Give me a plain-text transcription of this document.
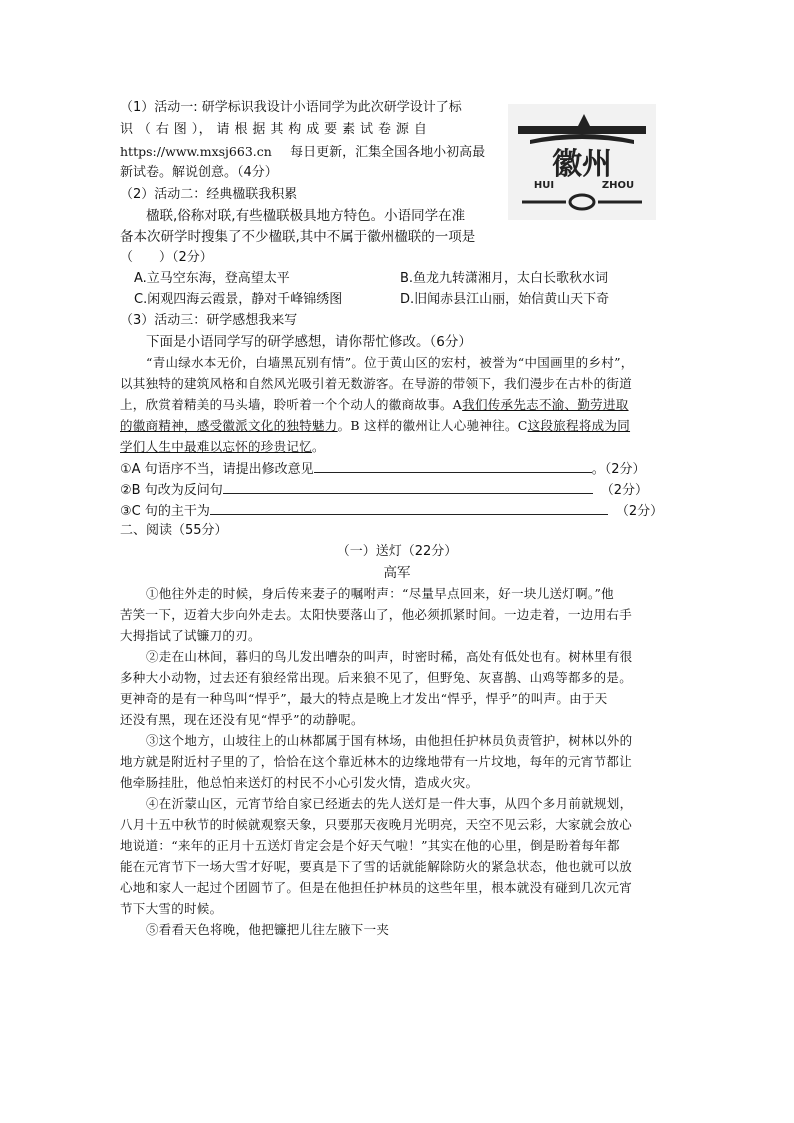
（1）活动一: 研学标识我设计小语同学为此次研学设计了标
识 （ 右 图 ）， 请 根 据 其 构 成 要 素 试 卷 源 自
https://www.mxsj663.cn 每日更新，汇集全国各地小初高最
新试卷。解说创意。（4分）	徽州
HUI	ZHOU
（2）活动二：经典楹联我积累
楹联,俗称对联,有些楹联极具地方特色。小语同学在准
备本次研学时搜集了不少楹联,其中不属于徽州楹联的一项是
（　　）（2分）
A.立马空东海，登高望太平	B.鱼龙九转潇湘月，太白长歌秋水词
C.闲观四海云霞景，静对千峰锦绣图	D.旧闻赤县江山丽，始信黄山天下奇
（3）活动三：研学感想我来写
下面是小语同学写的研学感想，请你帮忙修改。（6分）
“青山绿水本无价，白墙黑瓦别有情”。位于黄山区的宏村，被誉为“中国画里的乡村”，
以其独特的建筑风格和自然风光吸引着无数游客。在导游的带领下，我们漫步在古朴的街道
上，欣赏着精美的马头墙，聆听着一个个动人的徽商故事。A我们传承先志不渝、勤劳进取
的徽商精神，感受徽派文化的独特魅力。B 这样的徽州让人心驰神往。C这段旅程将成为同
学们人生中最难以忘怀的珍贵记忆。
①A 句语序不当，请提出修改意见	。（2分）
②B 句改为反问句	（2分）
③C 句的主干为	（2分）
二、阅读（55分）
（一）送灯（22分）
高军
①他往外走的时候，身后传来妻子的嘱咐声：“尽量早点回来，好一块儿送灯啊。”他
苦笑一下，迈着大步向外走去。太阳快要落山了，他必须抓紧时间。一边走着，一边用右手
大拇指试了试镰刀的刃。
②走在山林间，暮归的鸟儿发出嘈杂的叫声，时密时稀，高处有低处也有。树林里有很
多种大小动物，过去还有狼经常出现。后来狼不见了，但野兔、灰喜鹊、山鸡等都多的是。
更神奇的是有一种鸟叫“悍乎”，最大的特点是晚上才发出“悍乎，悍乎”的叫声。由于天
还没有黑，现在还没有见“悍乎”的动静呢。
③这个地方，山坡往上的山林都属于国有林场，由他担任护林员负责管护，树林以外的
地方就是附近村子里的了，恰恰在这个靠近林木的边缘地带有一片坟地，每年的元宵节都让
他牵肠挂肚，他总怕来送灯的村民不小心引发火情，造成火灾。
④在沂蒙山区，元宵节给自家已经逝去的先人送灯是一件大事，从四个多月前就规划，
八月十五中秋节的时候就观察天象，只要那天夜晚月光明亮，天空不见云彩，大家就会放心
地说道：“来年的正月十五送灯肯定会是个好天气啦！”其实在他的心里，倒是盼着每年都
能在元宵节下一场大雪才好呢，要真是下了雪的话就能解除防火的紧急状态，他也就可以放
心地和家人一起过个团圆节了。但是在他担任护林员的这些年里，根本就没有碰到几次元宵
节下大雪的时候。
⑤看看天色将晚，他把镰把儿往左腋下一夹
